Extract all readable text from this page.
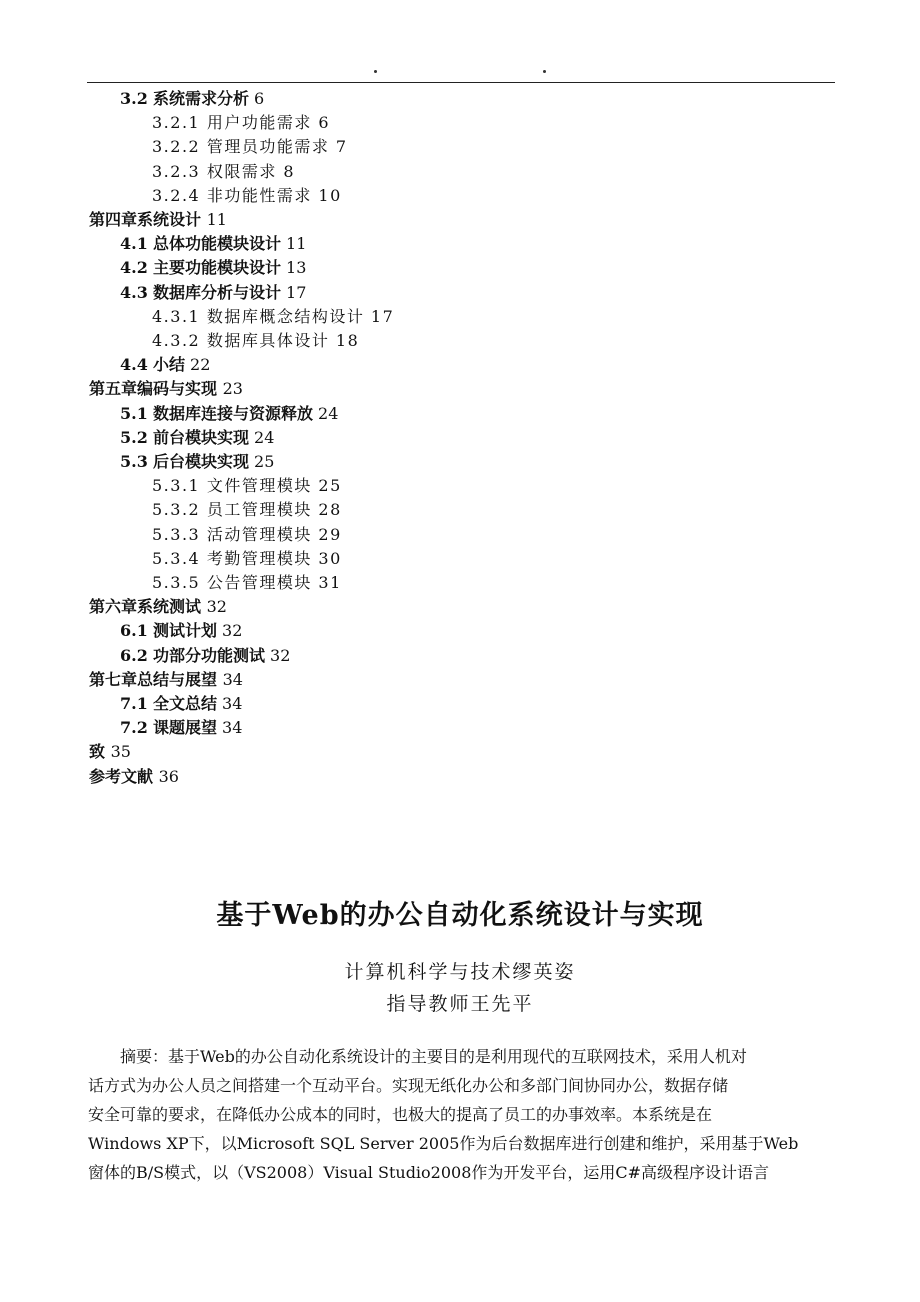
3.2 系统需求分析 6
3.2.1 用户功能需求 6
3.2.2 管理员功能需求 7
3.2.3 权限需求 8
3.2.4 非功能性需求 10
第四章系统设计 11
4.1 总体功能模块设计 11
4.2 主要功能模块设计 13
4.3 数据库分析与设计 17
4.3.1 数据库概念结构设计 17
4.3.2 数据库具体设计 18
4.4 小结 22
第五章编码与实现 23
5.1 数据库连接与资源释放 24
5.2 前台模块实现 24
5.3 后台模块实现 25
5.3.1 文件管理模块 25
5.3.2 员工管理模块 28
5.3.3 活动管理模块 29
5.3.4 考勤管理模块 30
5.3.5 公告管理模块 31
第六章系统测试 32
6.1 测试计划 32
6.2 功部分功能测试 32
第七章总结与展望 34
7.1 全文总结 34
7.2 课题展望 34
致 35
参考文献 36
基于Web的办公自动化系统设计与实现
计算机科学与技术缪英姿
指导教师王先平
　　摘要：基于Web的办公自动化系统设计的主要目的是利用现代的互联网技术，采用人机对
话方式为办公人员之间搭建一个互动平台。实现无纸化办公和多部门间协同办公，数据存储
安全可靠的要求，在降低办公成本的同时，也极大的提高了员工的办事效率。本系统是在
Windows XP下，以Microsoft SQL Server 2005作为后台数据库进行创建和维护，采用基于Web
窗体的B/S模式，以（VS2008）Visual Studio2008作为开发平台，运用C#高级程序设计语言
